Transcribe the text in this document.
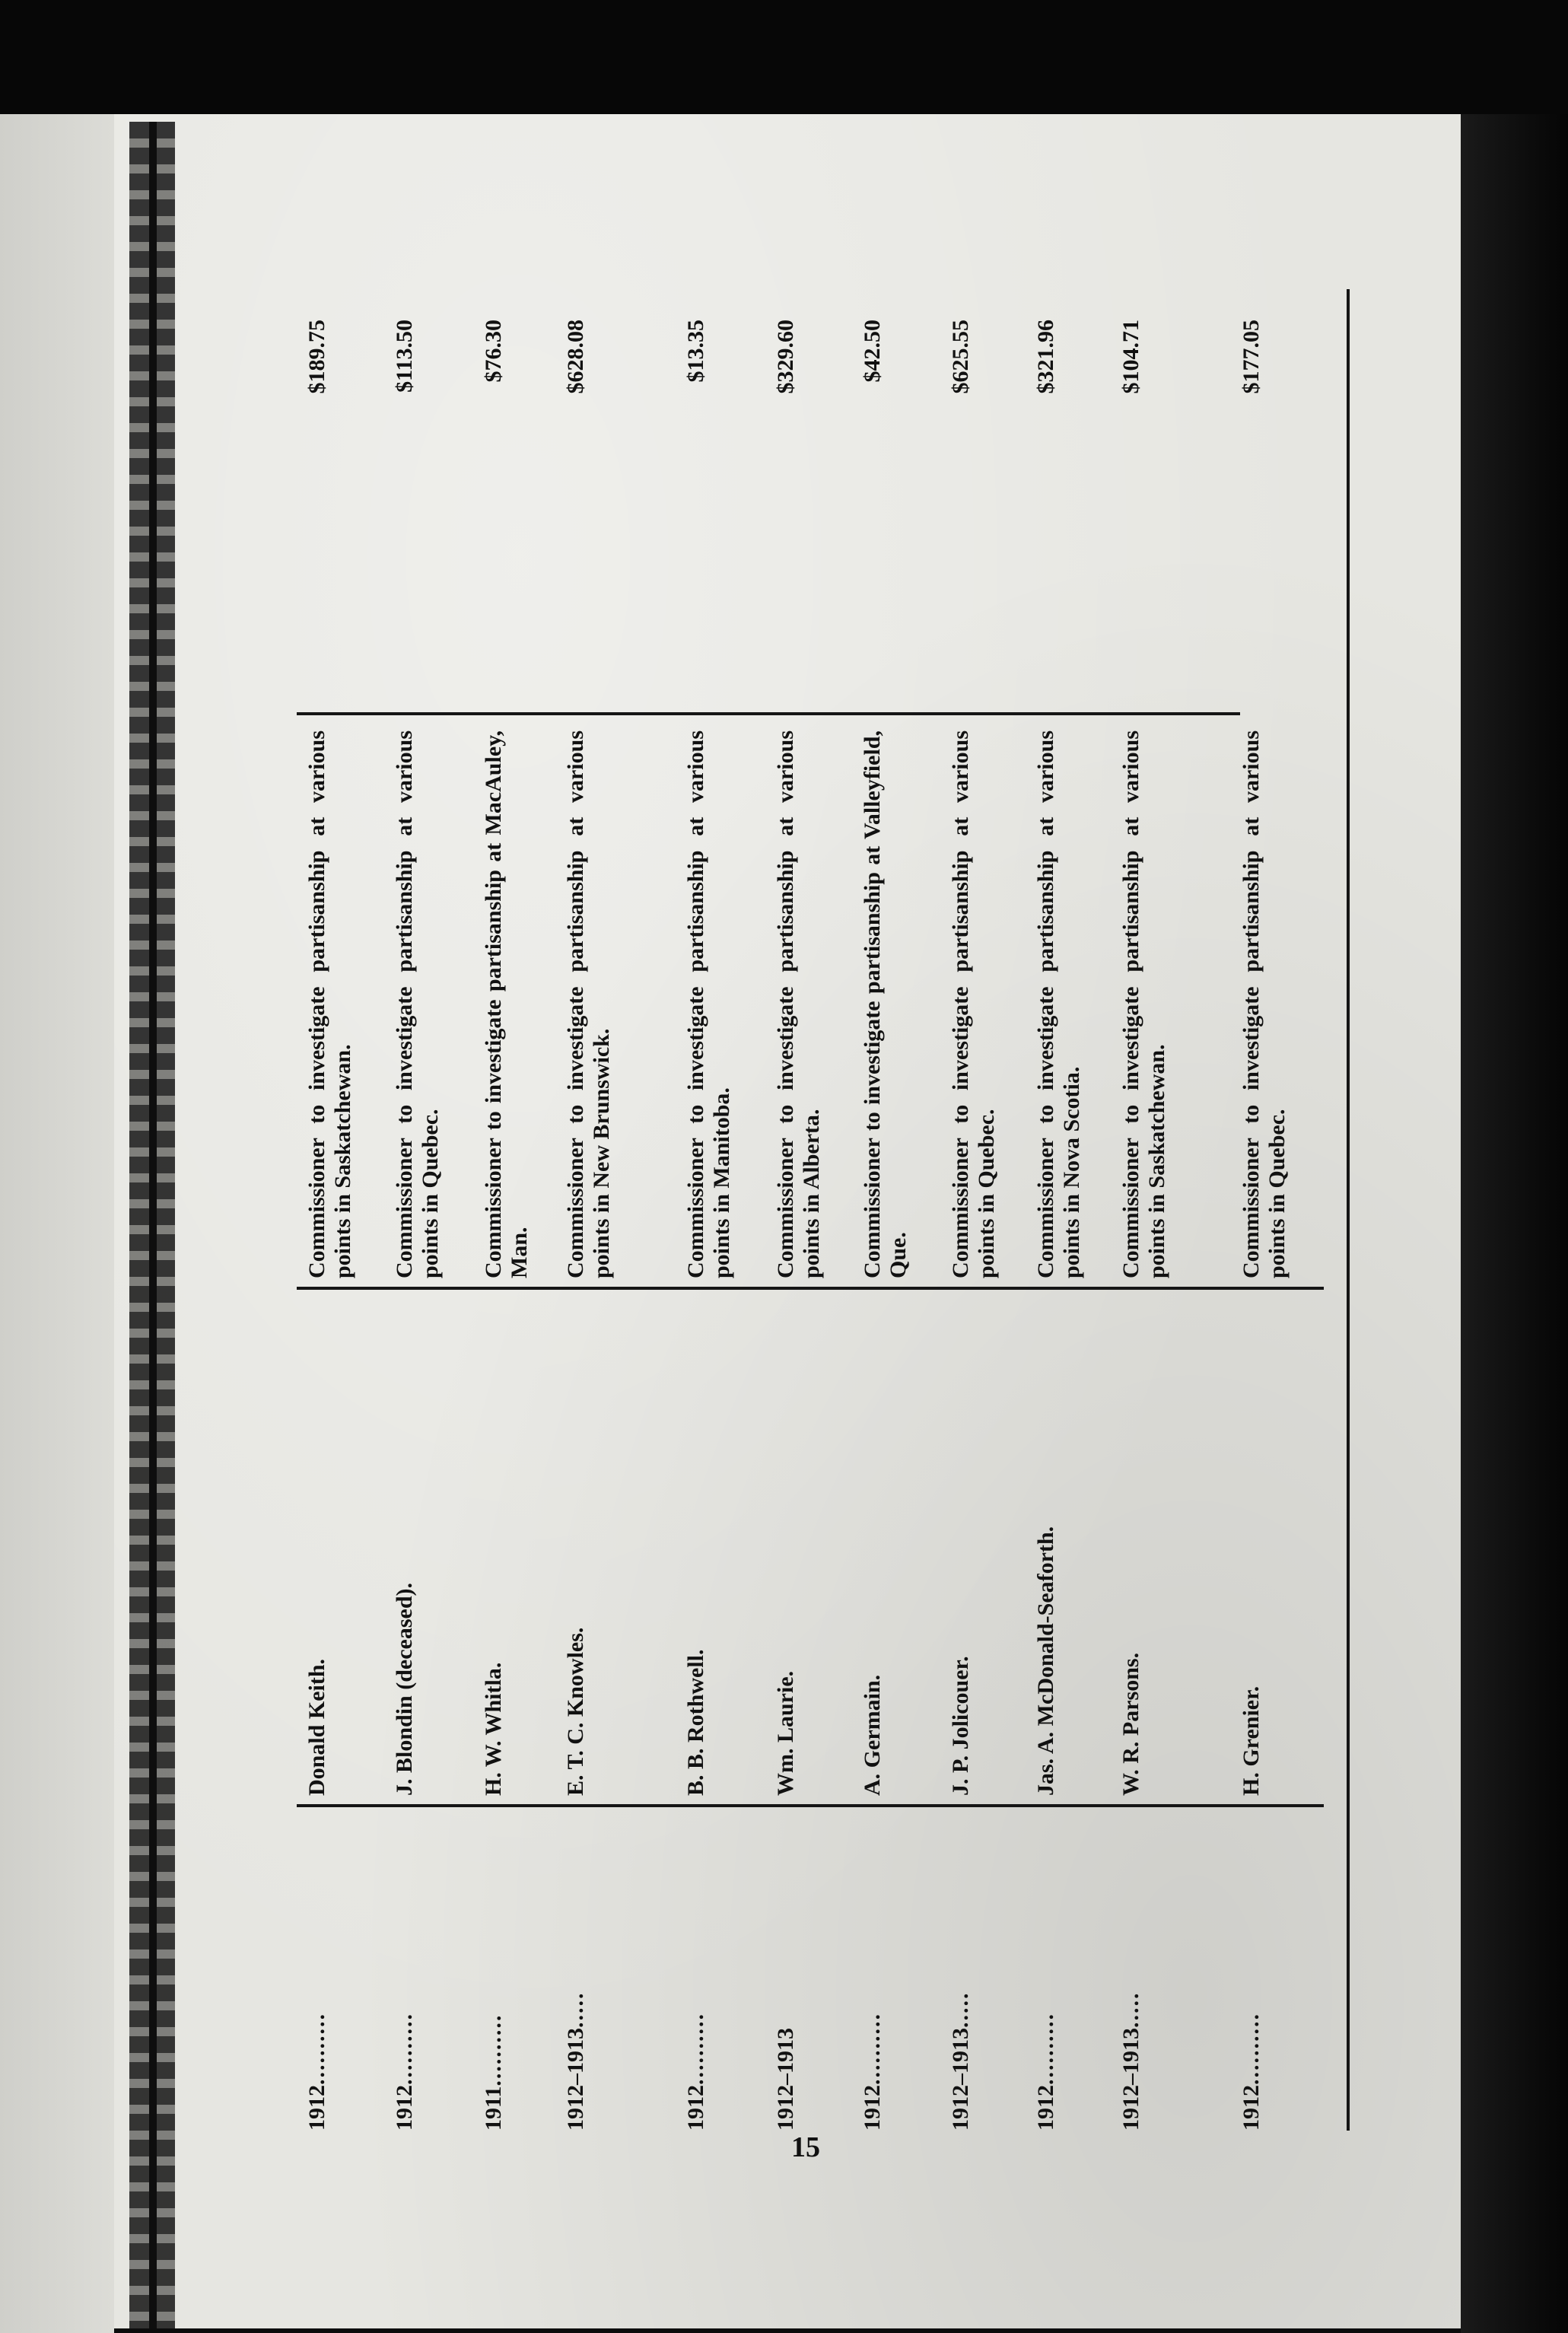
1912..........
Donald Keith.
Commissioner to investigate partisanship at various points in Saskatchewan.
$189.75
1912..........
J. Blondin (deceased).
Commissioner to investigate partisanship at various points in Quebec.
$113.50
1911..........
H. W. Whitla.
Commissioner to investigate partisanship at MacAuley, Man.
$76.30
1912–1913.....
E. T. C. Knowles.
Commissioner to investigate partisanship at various points in New Brunswick.
$628.08
1912..........
B. B. Rothwell.
Commissioner to investigate partisanship at various points in Manitoba.
$13.35
1912–1913
Wm. Laurie.
Commissioner to investigate partisanship at various points in Alberta.
$329.60
1912..........
A. Germain.
Commissioner to investigate partisanship at Valleyfield, Que.
$42.50
1912–1913.....
J. P. Jolicouer.
Commissioner to investigate partisanship at various points in Quebec.
$625.55
1912..........
Jas. A. McDonald-Seaforth.
Commissioner to investigate partisanship at various points in Nova Scotia.
$321.96
1912–1913.....
W. R. Parsons.
Commissioner to investigate partisanship at various points in Saskatchewan.
$104.71
1912..........
H. Grenier.
Commissioner to investigate partisanship at various points in Quebec.
$177.05
15
